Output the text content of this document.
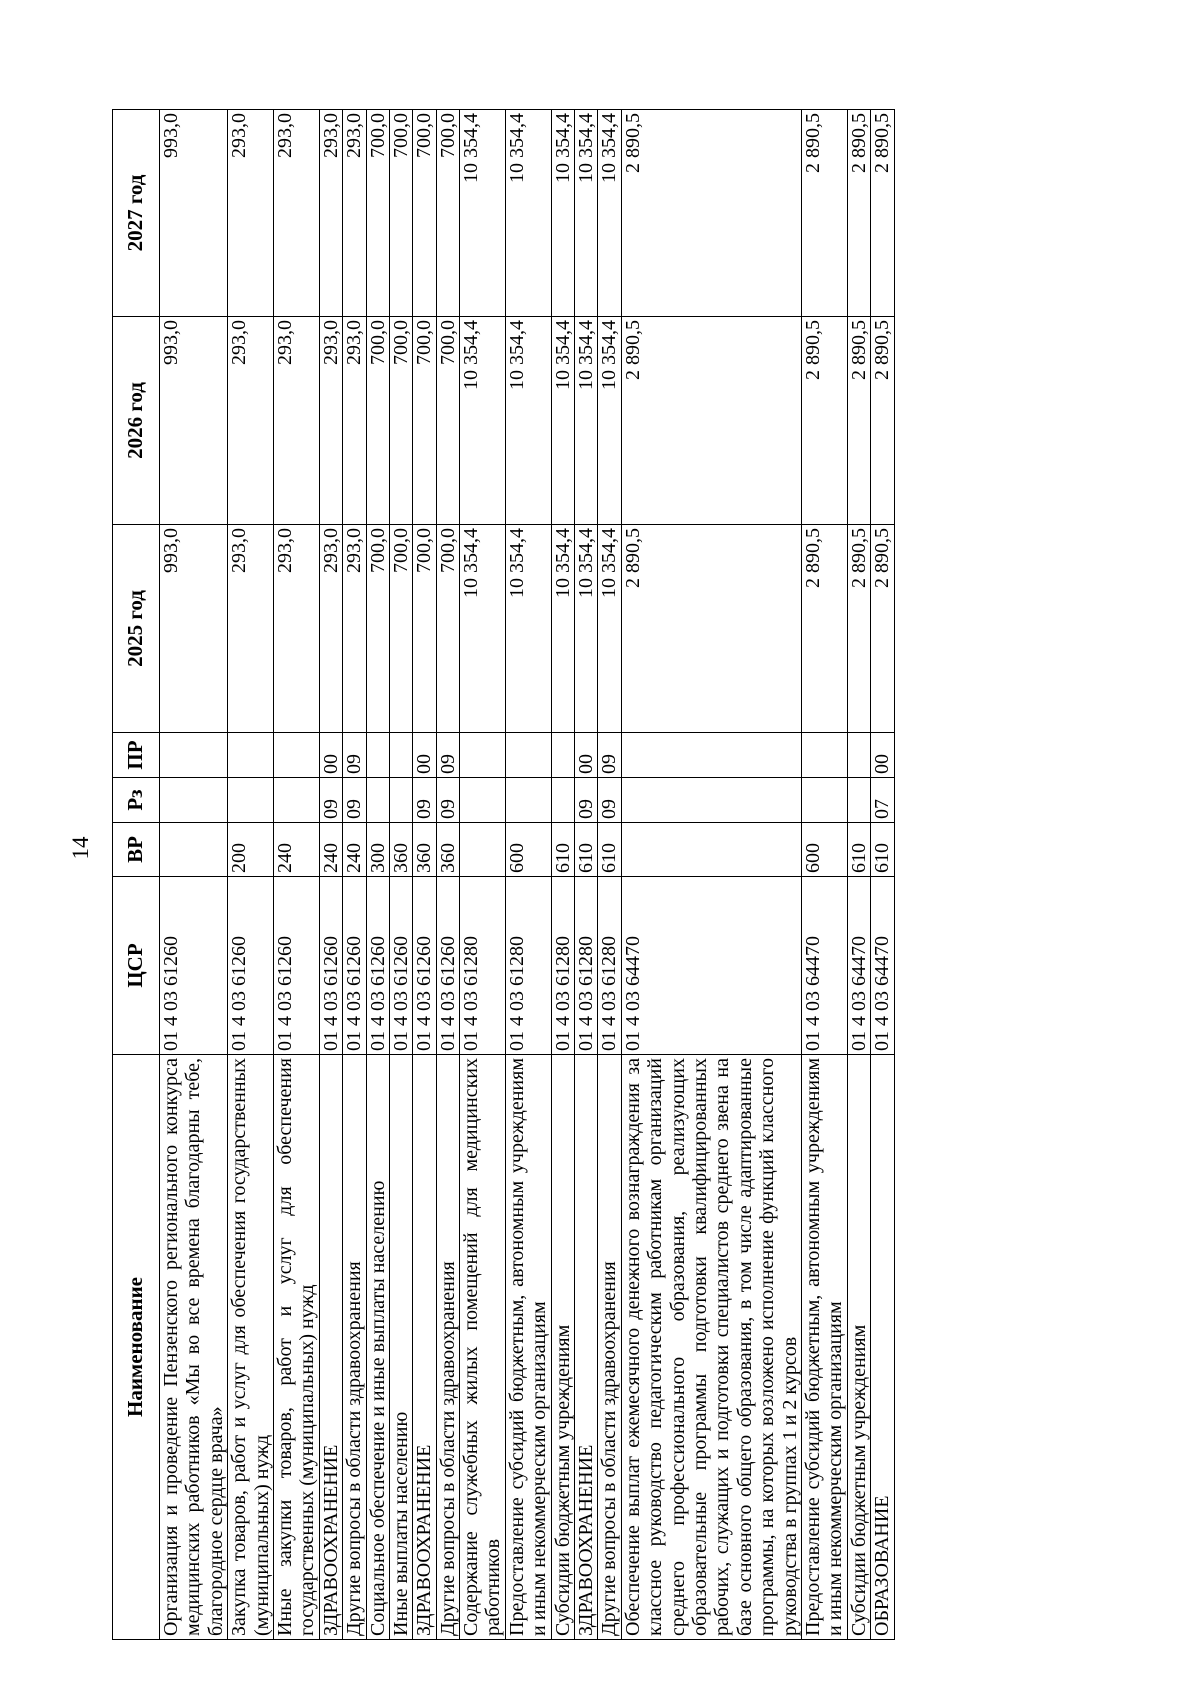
14
Наименование	ЦСР	ВР	Рз	ПР	2025 год	2026 год	2027 год
Организация и проведение Пензенского регионального конкурса медицинских работников «Мы во все времена благодарны тебе, благородное сердце врача»	01 4 03 61260				993,0	993,0	993,0
Закупка товаров, работ и услуг для обеспечения государственных (муниципальных) нужд	01 4 03 61260	200			293,0	293,0	293,0
Иные закупки товаров, работ и услуг для обеспечения государственных (муниципальных) нужд	01 4 03 61260	240			293,0	293,0	293,0
ЗДРАВООХРАНЕНИЕ	01 4 03 61260	240	09	00	293,0	293,0	293,0
Другие вопросы в области здравоохранения	01 4 03 61260	240	09	09	293,0	293,0	293,0
Социальное обеспечение и иные выплаты населению	01 4 03 61260	300			700,0	700,0	700,0
Иные выплаты населению	01 4 03 61260	360			700,0	700,0	700,0
ЗДРАВООХРАНЕНИЕ	01 4 03 61260	360	09	00	700,0	700,0	700,0
Другие вопросы в области здравоохранения	01 4 03 61260	360	09	09	700,0	700,0	700,0
Содержание служебных жилых помещений для медицинских работников	01 4 03 61280				10 354,4	10 354,4	10 354,4
Предоставление субсидий бюджетным, автономным учреждениям и иным некоммерческим организациям	01 4 03 61280	600			10 354,4	10 354,4	10 354,4
Субсидии бюджетным учреждениям	01 4 03 61280	610			10 354,4	10 354,4	10 354,4
ЗДРАВООХРАНЕНИЕ	01 4 03 61280	610	09	00	10 354,4	10 354,4	10 354,4
Другие вопросы в области здравоохранения	01 4 03 61280	610	09	09	10 354,4	10 354,4	10 354,4
Обеспечение выплат ежемесячного денежного вознаграждения за классное руководство педагогическим работникам организаций среднего профессионального образования, реализующих образовательные программы подготовки квалифицированных рабочих, служащих и подготовки специалистов среднего звена на базе основного общего образования, в том числе адаптированные программы, на которых возложено исполнение функций классного руководства в группах 1 и 2 курсов	01 4 03 64470				2 890,5	2 890,5	2 890,5
Предоставление субсидий бюджетным, автономным учреждениям и иным некоммерческим организациям	01 4 03 64470	600			2 890,5	2 890,5	2 890,5
Субсидии бюджетным учреждениям	01 4 03 64470	610			2 890,5	2 890,5	2 890,5
ОБРАЗОВАНИЕ	01 4 03 64470	610	07	00	2 890,5	2 890,5	2 890,5
